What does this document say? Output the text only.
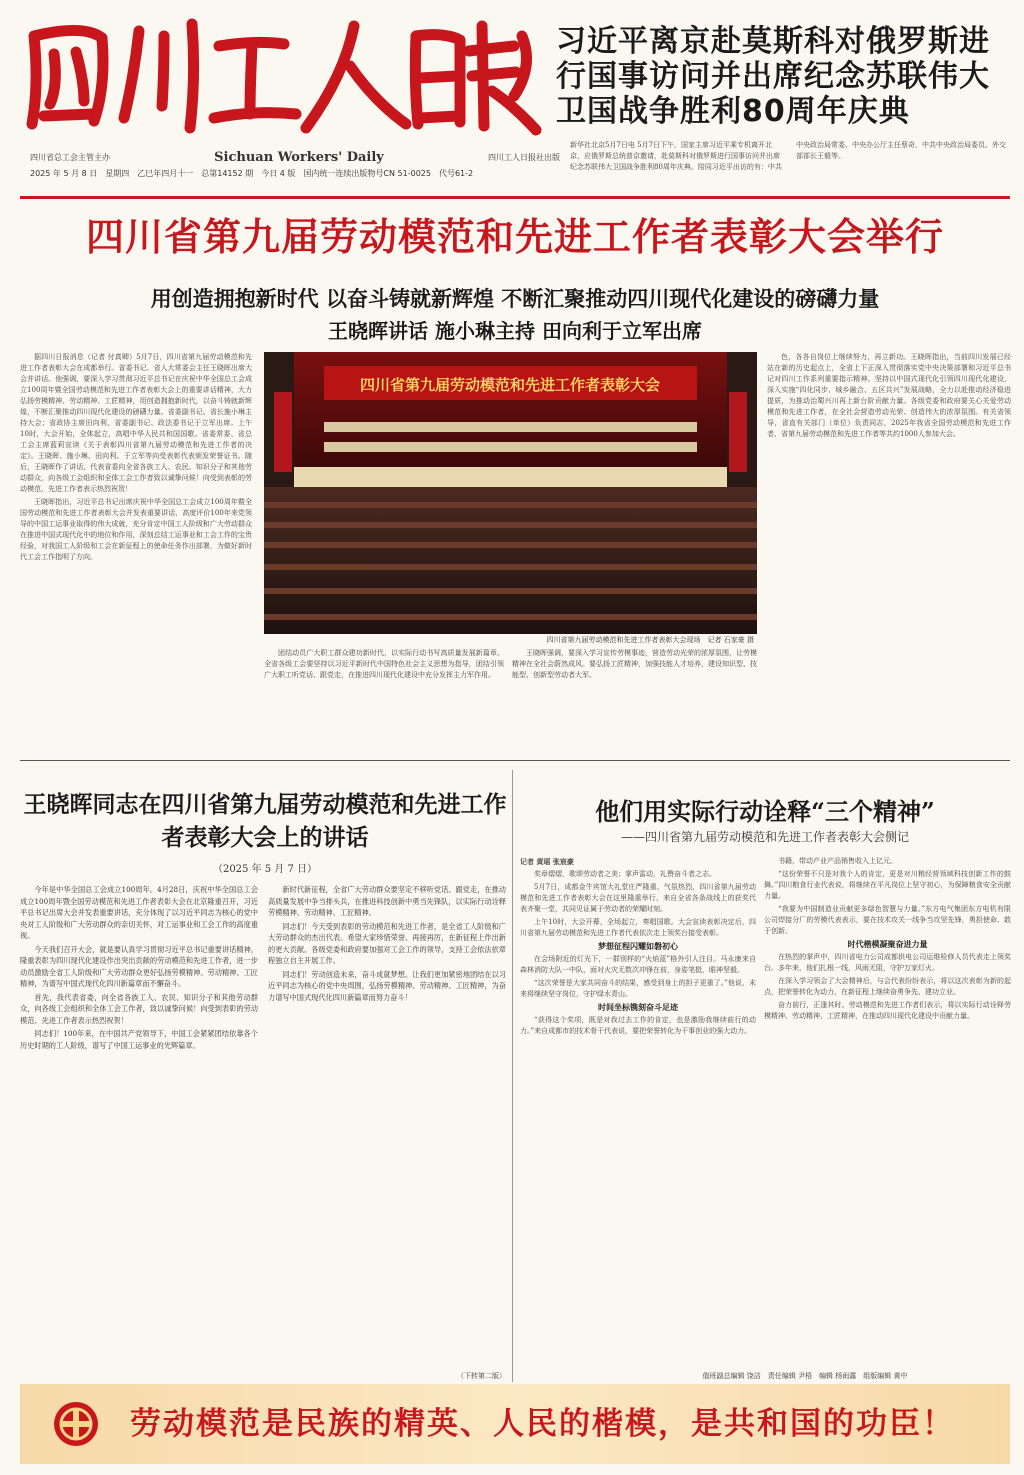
习近平离京赴莫斯科对俄罗斯进行国事访问并出席纪念苏联伟大卫国战争胜利80周年庆典
四川省总工会主管主办	Sichuan Workers' Daily	四川工人日报社出版
2025 年 5 月 8 日　星期四　乙巳年四月十一　总第14152 期　今日 4 版　国内统一连续出版物号CN 51-0025　代号61-2
新华社北京5月7日电 5月7日下午，国家主席习近平乘专机离开北京，应俄罗斯总统普京邀请，赴莫斯科对俄罗斯进行国事访问并出席纪念苏联伟大卫国战争胜利80周年庆典。陪同习近平出访的有：中共中央政治局常委、中央办公厅主任蔡奇，中共中央政治局委员、外交部部长王毅等。
四川省第九届劳动模范和先进工作者表彰大会举行
用创造拥抱新时代 以奋斗铸就新辉煌 不断汇聚推动四川现代化建设的磅礴力量
王晓晖讲话 施小琳主持 田向利于立军出席

据四川日报消息（记者 付真卿）5月7日，四川省第九届劳动模范和先进工作者表彰大会在成都举行。省委书记、省人大常委会主任王晓晖出席大会并讲话。他强调，要深入学习贯彻习近平总书记在庆祝中华全国总工会成立100周年暨全国劳动模范和先进工作者表彰大会上的重要讲话精神，大力弘扬劳模精神、劳动精神、工匠精神，用创造拥抱新时代，以奋斗铸就新辉煌，不断汇聚推动四川现代化建设的磅礴力量。省委副书记、省长施小琳主持大会；省政协主席田向利，省委副书记、政法委书记于立军出席。上午10时，大会开始，全体起立，高唱中华人民共和国国歌。省委常委、省总工会主席蓝莉宣读《关于表彰四川省第九届劳动模范和先进工作者的决定》。王晓晖、施小琳、田向利、于立军等向受表彰代表颁发荣誉证书。随后，王晓晖作了讲话，代表省委向全省各族工人、农民、知识分子和其他劳动群众，向各级工会组织和全体工会工作者致以诚挚问候！向受到表彰的劳动模范、先进工作者表示热烈祝贺！

王晓晖指出，习近平总书记出席庆祝中华全国总工会成立100周年暨全国劳动模范和先进工作者表彰大会并发表重要讲话，高度评价100年来党领导的中国工运事业取得的伟大成就，充分肯定中国工人阶级和广大劳动群众在推进中国式现代化中的地位和作用，深刻总结工运事业和工会工作的宝贵经验，对我国工人阶级和工会在新征程上的使命任务作出部署，为做好新时代工会工作指明了方向。

四川省第九届劳动模范和先进工作者表彰大会
四川省第九届劳动模范和先进工作者表彰大会现场　记者 石家豪 摄

团结动员广大职工群众建功新时代，以实际行动书写高质量发展新篇章。全省各级工会要坚持以习近平新时代中国特色社会主义思想为指导，团结引领广大职工听党话、跟党走，在推进四川现代化建设中充分发挥主力军作用。

王晓晖强调，要深入学习宣传劳模事迹，营造劳动光荣的浓厚氛围，让劳模精神在全社会蔚然成风。要弘扬工匠精神，加强技能人才培养，建设知识型、技能型、创新型劳动者大军。

色，各各自岗位上继续努力，再立新功。王晓晖指出，当前四川发展已经站在新的历史起点上，全省上下正深入贯彻落实党中央决策部署和习近平总书记对四川工作系列重要指示精神。坚持以中国式现代化引领四川现代化建设，深入实施“四化同步、城乡融合、五区共兴”发展战略，全力以赴推动经济稳进提质，为推动治蜀兴川再上新台阶贡献力量。各级党委和政府要关心关爱劳动模范和先进工作者，在全社会营造劳动光荣、创造伟大的浓厚氛围。有关省领导，省直有关部门（单位）负责同志，2025年我省全国劳动模范和先进工作者、省第九届劳动模范和先进工作者等共约1000人参加大会。

王晓晖同志在四川省第九届劳动模范和先进工作者表彰大会上的讲话
（2025 年 5 月 7 日）

今年是中华全国总工会成立100周年。4月28日，庆祝中华全国总工会成立100周年暨全国劳动模范和先进工作者表彰大会在北京隆重召开，习近平总书记出席大会并发表重要讲话，充分体现了以习近平同志为核心的党中央对工人阶级和广大劳动群众的亲切关怀，对工运事业和工会工作的高度重视。

今天我们召开大会，就是要认真学习贯彻习近平总书记重要讲话精神，隆重表彰为四川现代化建设作出突出贡献的劳动模范和先进工作者，进一步动员激励全省工人阶级和广大劳动群众更好弘扬劳模精神、劳动精神、工匠精神，为谱写中国式现代化四川新篇章而不懈奋斗。

首先，我代表省委，向全省各族工人、农民、知识分子和其他劳动群众，向各级工会组织和全体工会工作者，致以诚挚问候！向受到表彰的劳动模范、先进工作者表示热烈祝贺！

同志们！100年来，在中国共产党领导下，中国工会紧紧团结依靠各个历史时期的工人阶级，谱写了中国工运事业的光辉篇章。

新时代新征程，全省广大劳动群众要坚定不移听党话、跟党走，在推动高质量发展中争当排头兵，在推进科技创新中勇当先锋队，以实际行动诠释劳模精神、劳动精神、工匠精神。

同志们！今天受到表彰的劳动模范和先进工作者，是全省工人阶级和广大劳动群众的杰出代表。希望大家珍惜荣誉、再接再厉，在新征程上作出新的更大贡献。各级党委和政府要加强对工会工作的领导，支持工会依法依章程独立自主开展工作。

同志们！劳动创造未来，奋斗成就梦想。让我们更加紧密地团结在以习近平同志为核心的党中央周围，弘扬劳模精神、劳动精神、工匠精神，为奋力谱写中国式现代化四川新篇章而努力奋斗！

（下转第二版）
他们用实际行动诠释“三个精神”
——四川省第九届劳动模范和先进工作者表彰大会侧记

记者 黄瑶 张宸豪

奖章熠熠，歌颂劳动者之美；掌声雷动，礼赞奋斗者之志。

5月7日，成都金牛宾馆大礼堂庄严隆重、气氛热烈，四川省第九届劳动模范和先进工作者表彰大会在这里隆重举行，来自全省各条战线上的获奖代表齐聚一堂，共同见证属于劳动者的荣耀时刻。

上午10时，大会开幕，全场起立，奏唱国歌。大会宣读表彰决定后，四川省第九届劳动模范和先进工作者代表依次走上领奖台接受表彰。

梦想征程闪耀如磐初心

在会场附近的灯光下，一群别样的“火焰蓝”格外引人注目。马永康来自森林消防大队一中队，面对火灾无数次冲锋在前，身姿笔挺，眼神坚毅。

“这次荣誉是大家共同奋斗的结果，感受到身上的担子更重了。”他说，未来将继续坚守岗位，守护绿水青山。

时间坐标镌刻奋斗足迹

“获得这个奖项，既是对我过去工作的肯定，也是激励我继续前行的动力。”来自成都市的技术骨干代表说，要把荣誉转化为干事创业的强大动力。

书籍，带动产业产品销售收入上亿元。

“这份荣誉不只是对我个人的肯定，更是对川粮经营领域科技创新工作的鼓舞。”四川粮食行业代表说，将继续在平凡岗位上坚守初心，为保障粮食安全贡献力量。

“我要为中国制造业贡献更多绿色智慧与力量。”东方电气集团东方电机有限公司焊接分厂的劳模代表表示，要在技术攻关一线争当攻坚先锋，勇担使命、敢于创新。

时代楷模凝聚奋进力量

在热烈的掌声中，四川省电力公司成都供电公司运维检修人员代表走上领奖台。多年来，他们扎根一线，风雨无阻，守护万家灯火。

在深入学习领会了大会精神后，与会代表纷纷表示，将以这次表彰为新的起点，把荣誉转化为动力，在新征程上继续奋勇争先、建功立业。

奋力前行，正逢其时。劳动模范和先进工作者们表示，将以实际行动诠释劳模精神、劳动精神、工匠精神，在推动四川现代化建设中贡献力量。

值班副总编辑 饶洁　责任编辑 尹梧　编辑 杨雨露　组版编辑 黄中
劳动模范是民族的精英、人民的楷模，是共和国的功臣！
